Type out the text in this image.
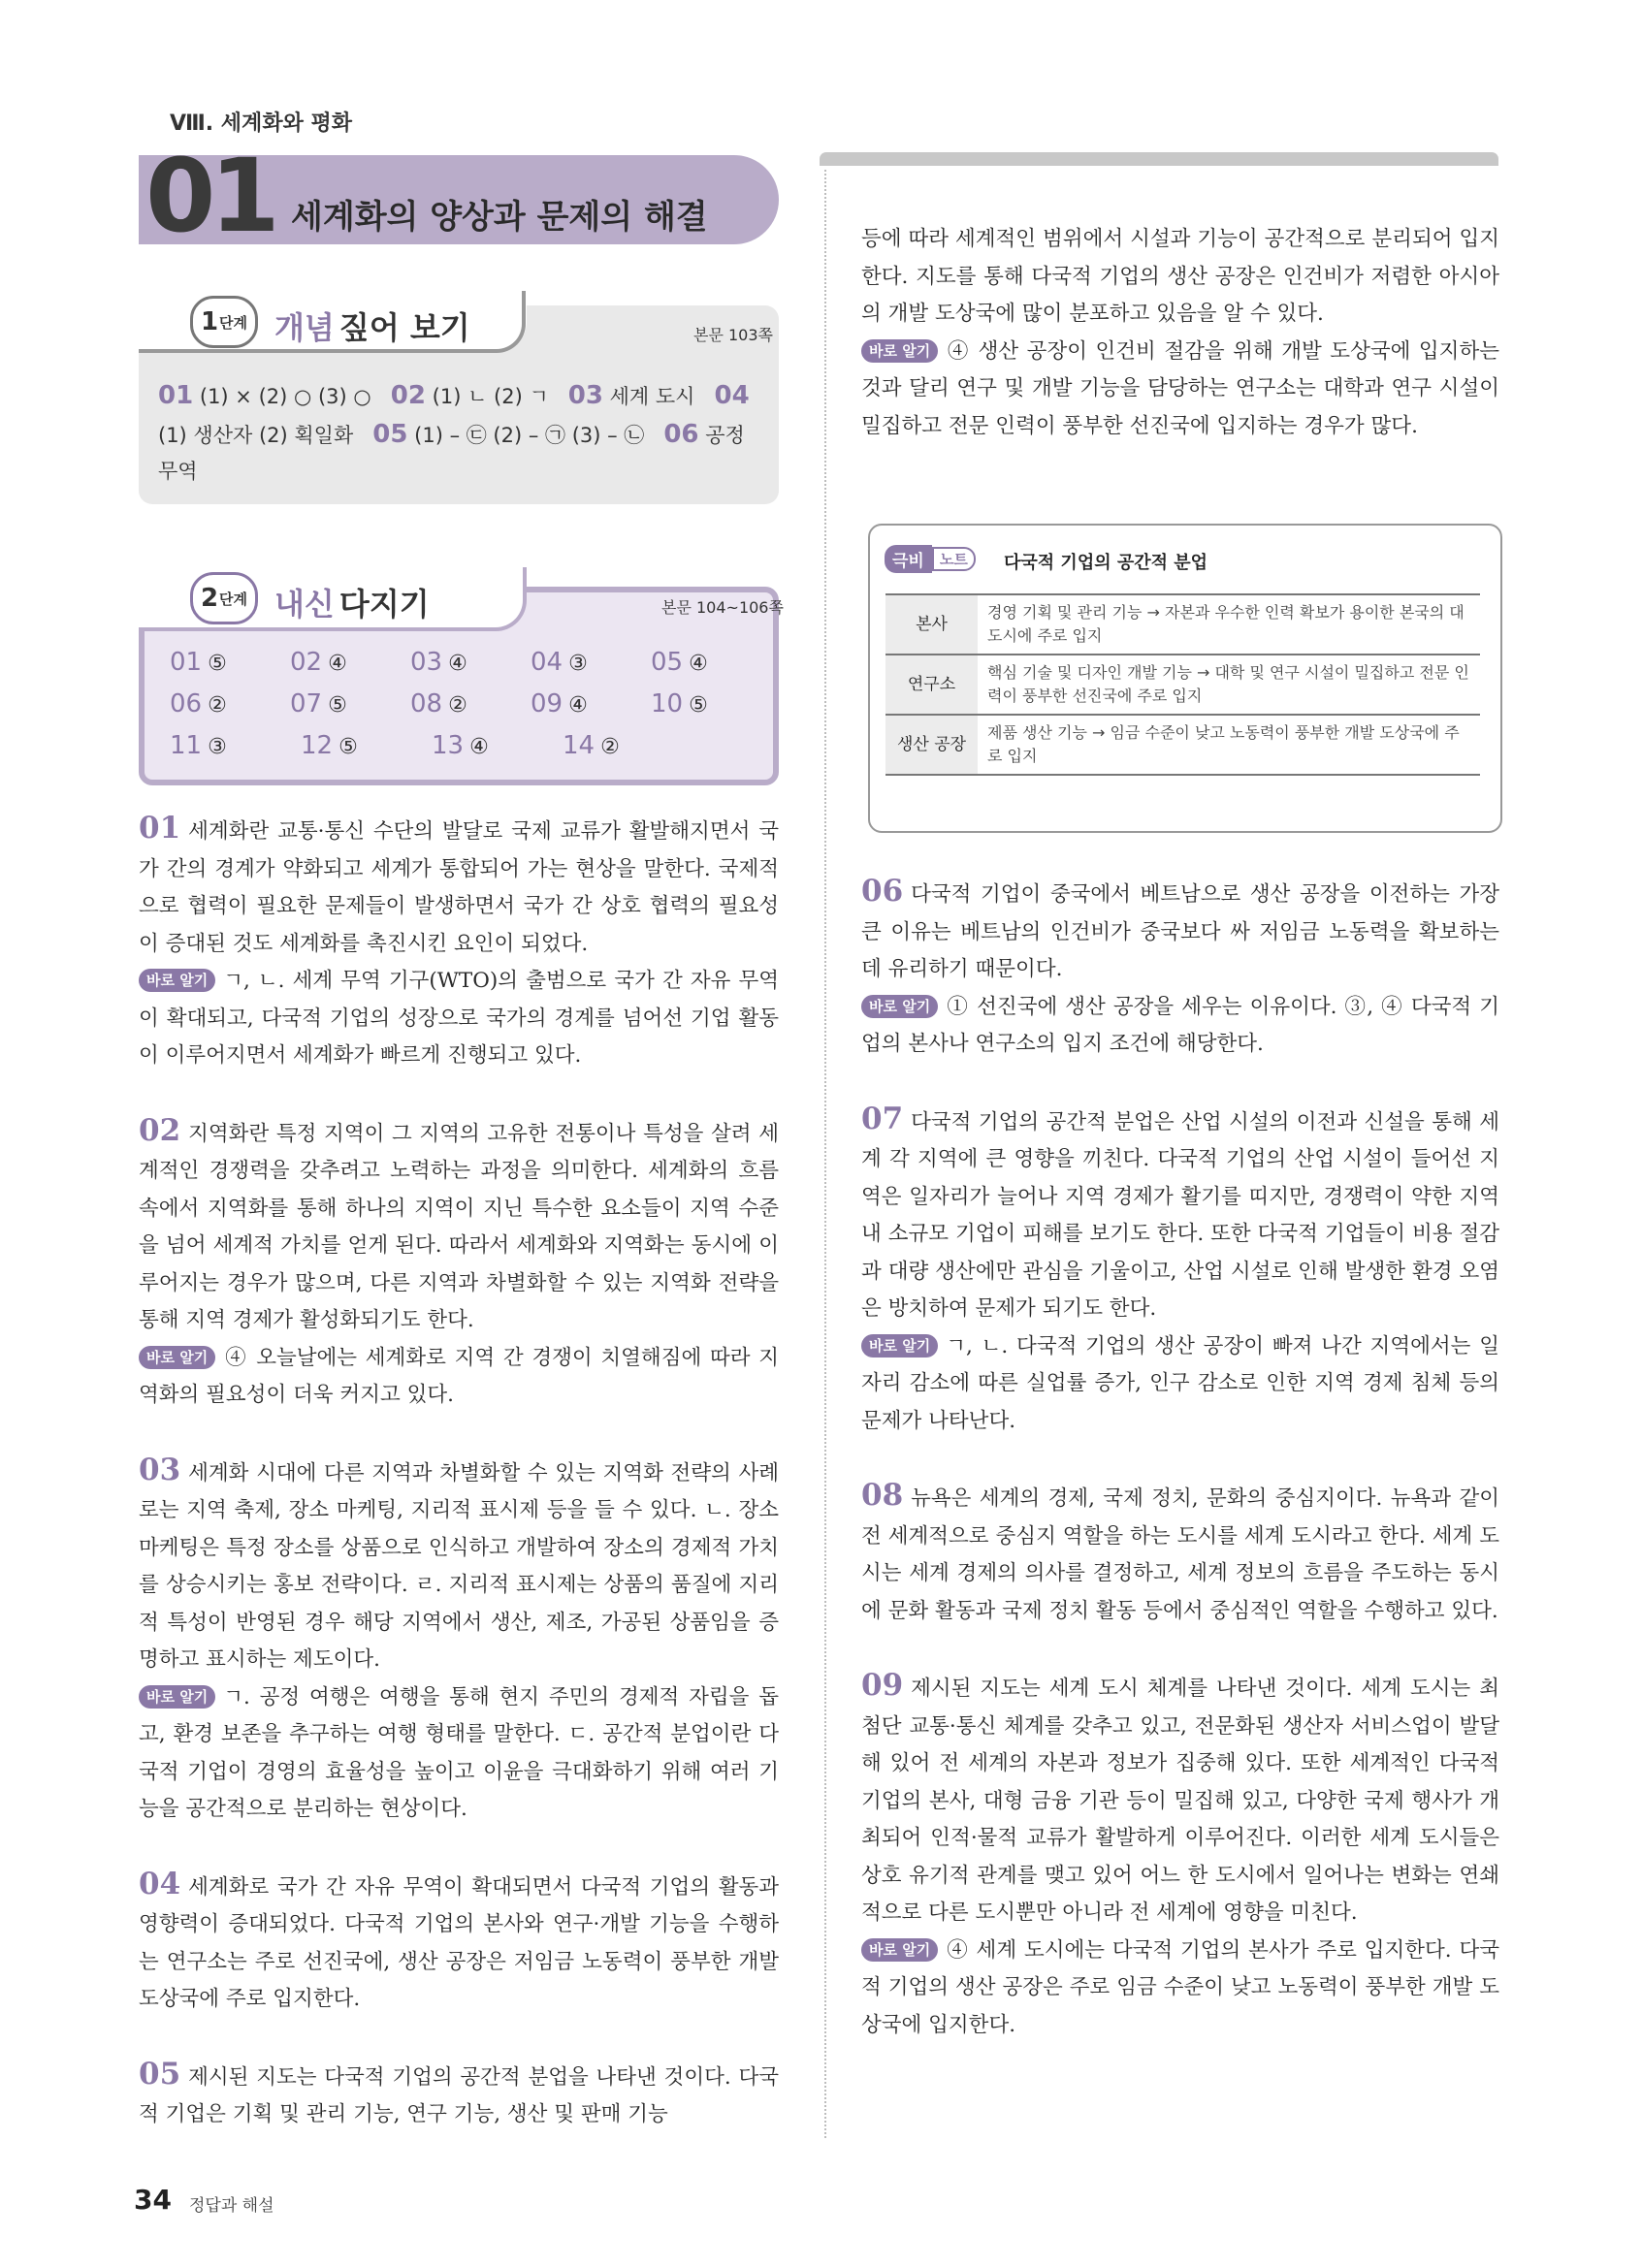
Ⅷ. 세계화와 평화
01 세계화의 양상과 문제의 해결
1 단계 개념 짚어 보기	본문 103쪽
01 (1) × (2) ○ (3) ○ 02 (1) ㄴ (2) ㄱ 03 세계 도시 04
(1) 생산자 (2) 획일화 05 (1) – ㉢ (2) – ㉠ (3) – ㉡ 06 공정
무역
2 단계 내신 다지기	본문 104~106쪽
01 ⑤	02 ④	03 ④	04 ③	05 ④
06 ②	07 ⑤	08 ②	09 ④	10 ⑤
11 ③	12 ⑤	13 ④	14 ②
01 세계화란 교통·통신 수단의 발달로 국제 교류가 활발해지면서 국가 간의 경계가 약화되고 세계가 통합되어 가는 현상을 말한다. 국제적으로 협력이 필요한 문제들이 발생하면서 국가 간 상호 협력의 필요성이 증대된 것도 세계화를 촉진시킨 요인이 되었다.
바로 알기 ㄱ, ㄴ. 세계 무역 기구(WTO)의 출범으로 국가 간 자유 무역이 확대되고, 다국적 기업의 성장으로 국가의 경계를 넘어선 기업 활동이 이루어지면서 세계화가 빠르게 진행되고 있다.
02 지역화란 특정 지역이 그 지역의 고유한 전통이나 특성을 살려 세계적인 경쟁력을 갖추려고 노력하는 과정을 의미한다. 세계화의 흐름 속에서 지역화를 통해 하나의 지역이 지닌 특수한 요소들이 지역 수준을 넘어 세계적 가치를 얻게 된다. 따라서 세계화와 지역화는 동시에 이루어지는 경우가 많으며, 다른 지역과 차별화할 수 있는 지역화 전략을 통해 지역 경제가 활성화되기도 한다.
바로 알기 ④ 오늘날에는 세계화로 지역 간 경쟁이 치열해짐에 따라 지역화의 필요성이 더욱 커지고 있다.
03 세계화 시대에 다른 지역과 차별화할 수 있는 지역화 전략의 사례로는 지역 축제, 장소 마케팅, 지리적 표시제 등을 들 수 있다. ㄴ. 장소 마케팅은 특정 장소를 상품으로 인식하고 개발하여 장소의 경제적 가치를 상승시키는 홍보 전략이다. ㄹ. 지리적 표시제는 상품의 품질에 지리적 특성이 반영된 경우 해당 지역에서 생산, 제조, 가공된 상품임을 증명하고 표시하는 제도이다.
바로 알기 ㄱ. 공정 여행은 여행을 통해 현지 주민의 경제적 자립을 돕고, 환경 보존을 추구하는 여행 형태를 말한다. ㄷ. 공간적 분업이란 다국적 기업이 경영의 효율성을 높이고 이윤을 극대화하기 위해 여러 기능을 공간적으로 분리하는 현상이다.
04 세계화로 국가 간 자유 무역이 확대되면서 다국적 기업의 활동과 영향력이 증대되었다. 다국적 기업의 본사와 연구·개발 기능을 수행하는 연구소는 주로 선진국에, 생산 공장은 저임금 노동력이 풍부한 개발 도상국에 주로 입지한다.
05 제시된 지도는 다국적 기업의 공간적 분업을 나타낸 것이다. 다국적 기업은 기획 및 관리 기능, 연구 기능, 생산 및 판매 기능
등에 따라 세계적인 범위에서 시설과 기능이 공간적으로 분리되어 입지한다. 지도를 통해 다국적 기업의 생산 공장은 인건비가 저렴한 아시아의 개발 도상국에 많이 분포하고 있음을 알 수 있다.
바로 알기 ④ 생산 공장이 인건비 절감을 위해 개발 도상국에 입지하는 것과 달리 연구 및 개발 기능을 담당하는 연구소는 대학과 연구 시설이 밀집하고 전문 인력이 풍부한 선진국에 입지하는 경우가 많다.
극비	노트	다국적 기업의 공간적 분업
본사	경영 기획 및 관리 기능 → 자본과 우수한 인력 확보가 용이한 본국의 대도시에 주로 입지
연구소	핵심 기술 및 디자인 개발 기능 → 대학 및 연구 시설이 밀집하고 전문 인력이 풍부한 선진국에 주로 입지
생산 공장	제품 생산 기능 → 임금 수준이 낮고 노동력이 풍부한 개발 도상국에 주로 입지
06 다국적 기업이 중국에서 베트남으로 생산 공장을 이전하는 가장 큰 이유는 베트남의 인건비가 중국보다 싸 저임금 노동력을 확보하는 데 유리하기 때문이다.
바로 알기 ① 선진국에 생산 공장을 세우는 이유이다. ③, ④ 다국적 기업의 본사나 연구소의 입지 조건에 해당한다.
07 다국적 기업의 공간적 분업은 산업 시설의 이전과 신설을 통해 세계 각 지역에 큰 영향을 끼친다. 다국적 기업의 산업 시설이 들어선 지역은 일자리가 늘어나 지역 경제가 활기를 띠지만, 경쟁력이 약한 지역 내 소규모 기업이 피해를 보기도 한다. 또한 다국적 기업들이 비용 절감과 대량 생산에만 관심을 기울이고, 산업 시설로 인해 발생한 환경 오염은 방치하여 문제가 되기도 한다.
바로 알기 ㄱ, ㄴ. 다국적 기업의 생산 공장이 빠져 나간 지역에서는 일자리 감소에 따른 실업률 증가, 인구 감소로 인한 지역 경제 침체 등의 문제가 나타난다.
08 뉴욕은 세계의 경제, 국제 정치, 문화의 중심지이다. 뉴욕과 같이 전 세계적으로 중심지 역할을 하는 도시를 세계 도시라고 한다. 세계 도시는 세계 경제의 의사를 결정하고, 세계 정보의 흐름을 주도하는 동시에 문화 활동과 국제 정치 활동 등에서 중심적인 역할을 수행하고 있다.
09 제시된 지도는 세계 도시 체계를 나타낸 것이다. 세계 도시는 최첨단 교통·통신 체계를 갖추고 있고, 전문화된 생산자 서비스업이 발달해 있어 전 세계의 자본과 정보가 집중해 있다. 또한 세계적인 다국적 기업의 본사, 대형 금융 기관 등이 밀집해 있고, 다양한 국제 행사가 개최되어 인적·물적 교류가 활발하게 이루어진다. 이러한 세계 도시들은 상호 유기적 관계를 맺고 있어 어느 한 도시에서 일어나는 변화는 연쇄적으로 다른 도시뿐만 아니라 전 세계에 영향을 미친다.
바로 알기 ④ 세계 도시에는 다국적 기업의 본사가 주로 입지한다. 다국적 기업의 생산 공장은 주로 임금 수준이 낮고 노동력이 풍부한 개발 도상국에 입지한다.
34 정답과 해설
